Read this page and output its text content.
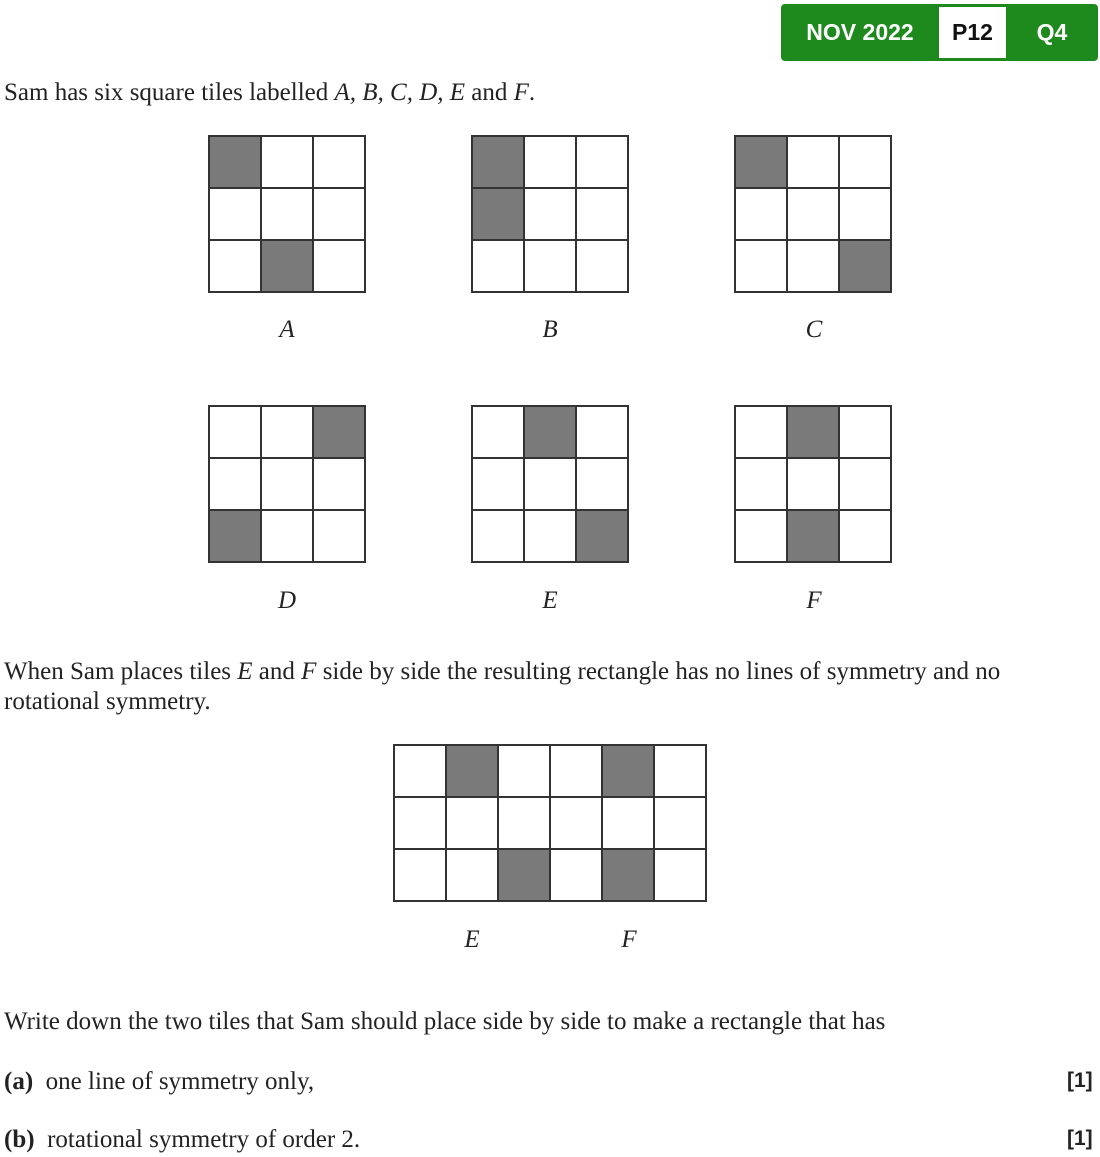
NOV 2022	P12	Q4
Sam has six square tiles labelled A, B, C, D, E and F.
A	B	C
D	E	F
When Sam places tiles E and F side by side the resulting rectangle has no lines of symmetry and no
rotational symmetry.
E	F
Write down the two tiles that Sam should place side by side to make a rectangle that has
(a) one line of symmetry only,	[1]
(b) rotational symmetry of order 2.	[1]
